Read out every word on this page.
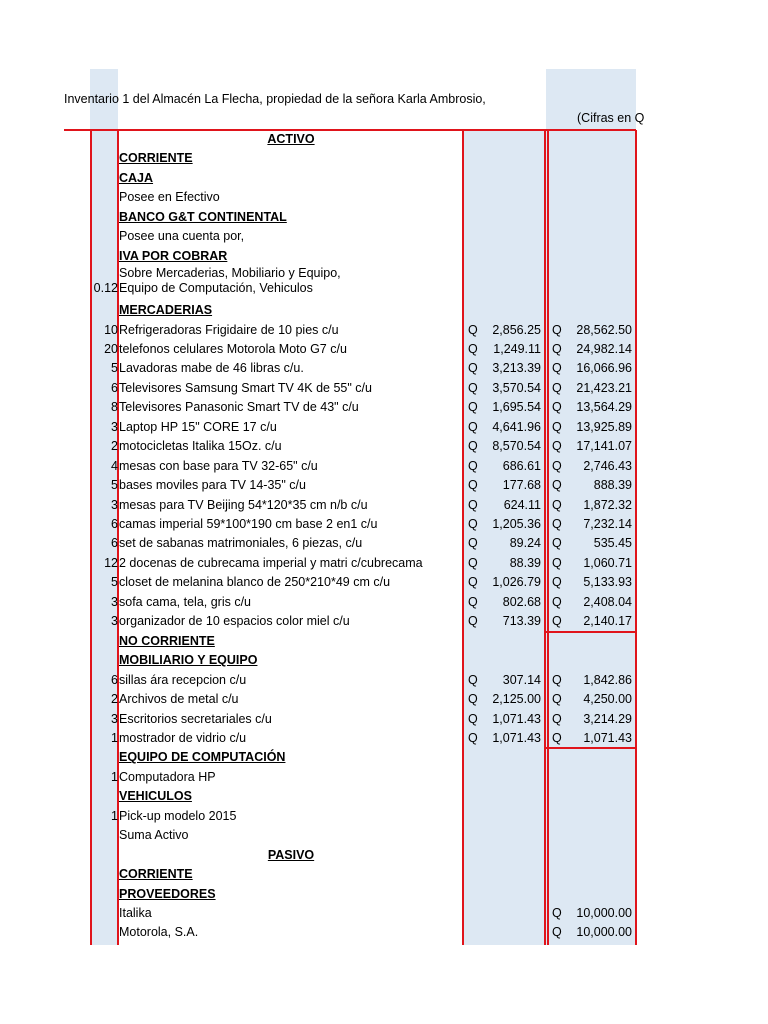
Inventario 1 del Almacén La Flecha, propiedad de la señora Karla Ambrosio,
(Cifras en Q
ACTIVO
CORRIENTE
CAJA
Posee en Efectivo
BANCO G&T CONTINENTAL
Posee una cuenta por,
IVA POR COBRAR
Sobre Mercaderias, Mobiliario y Equipo,
0.12 Equipo de Computación, Vehiculos
MERCADERIAS
10 Refrigeradoras Frigidaire de 10 pies c/u	Q 2,856.25 Q 28,562.50
20 telefonos celulares Motorola Moto G7 c/u	Q 1,249.11 Q 24,982.14
5 Lavadoras mabe de 46 libras c/u.	Q 3,213.39 Q 16,066.96
6 Televisores Samsung Smart TV 4K de 55" c/u	Q 3,570.54 Q 21,423.21
8 Televisores Panasonic Smart TV de 43" c/u	Q 1,695.54 Q 13,564.29
3 Laptop HP 15" CORE 17 c/u	Q 4,641.96 Q 13,925.89
2 motocicletas Italika 15Oz. c/u	Q 8,570.54 Q 17,141.07
4 mesas con base para TV 32-65" c/u	Q 686.61 Q 2,746.43
5 bases moviles para TV 14-35" c/u	Q 177.68 Q	888.39
3 mesas para TV Beijing 54*120*35 cm n/b c/u	Q 624.11 Q 1,872.32
6 camas imperial 59*100*190 cm base 2 en1 c/u	Q 1,205.36 Q 7,232.14
6 set de sabanas matrimoniales, 6 piezas, c/u	Q	89.24 Q	535.45
12 2 docenas de cubrecama imperial y matri c/cubrecama	Q	88.39 Q 1,060.71
5 closet de melanina blanco de 250*210*49 cm c/u	Q 1,026.79 Q 5,133.93
3 sofa cama, tela, gris c/u	Q 802.68 Q 2,408.04
3 organizador de 10 espacios color miel c/u	Q 713.39 Q 2,140.17
NO CORRIENTE
MOBILIARIO Y EQUIPO
6 sillas ára recepcion c/u	Q 307.14 Q 1,842.86
2 Archivos de metal c/u	Q 2,125.00 Q 4,250.00
3 Escritorios secretariales c/u	Q 1,071.43 Q 3,214.29
1 mostrador de vidrio c/u	Q 1,071.43 Q 1,071.43
EQUIPO DE COMPUTACIÓN
1 Computadora HP
VEHICULOS
1 Pick-up modelo 2015
Suma Activo
PASIVO
CORRIENTE
PROVEEDORES
Italika	Q 10,000.00
Motorola, S.A.	Q 10,000.00
